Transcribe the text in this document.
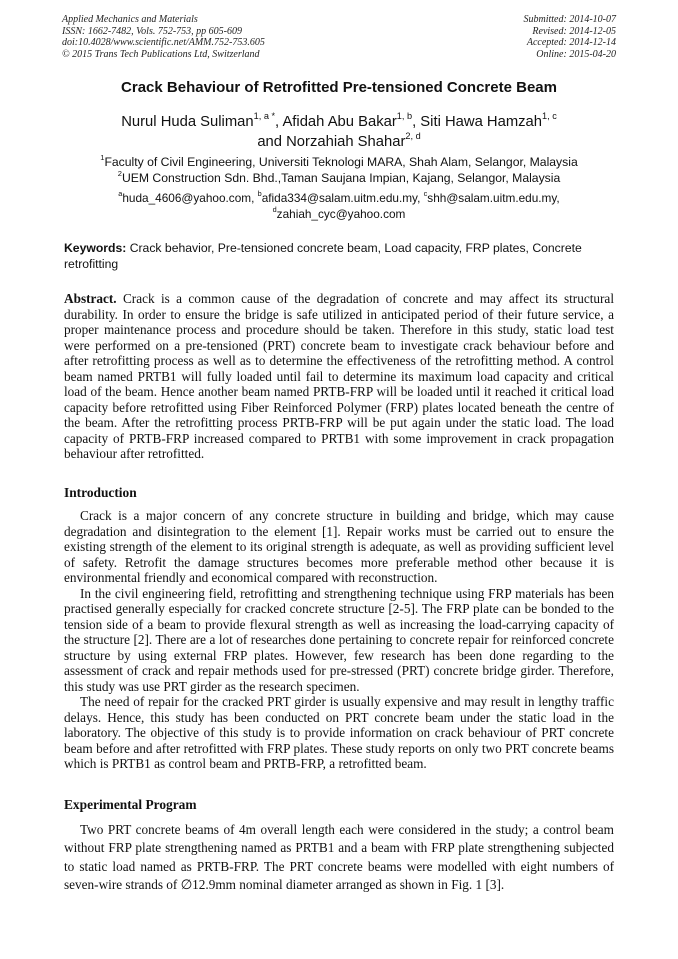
Applied Mechanics and Materials
ISSN: 1662-7482, Vols. 752-753, pp 605-609
doi:10.4028/www.scientific.net/AMM.752-753.605
© 2015 Trans Tech Publications Ltd, Switzerland
Submitted: 2014-10-07
Revised: 2014-12-05
Accepted: 2014-12-14
Online: 2015-04-20
Crack Behaviour of Retrofitted Pre-tensioned Concrete Beam
Nurul Huda Suliman$^{1, a *}$, Afidah Abu Bakar$^{1, b}$, Siti Hawa Hamzah$^{1, c}$
and Norzahiah Shahar$^{2, d}$
$^1$Faculty of Civil Engineering, Universiti Teknologi MARA, Shah Alam, Selangor, Malaysia
$^2$UEM Construction Sdn. Bhd.,Taman Saujana Impian, Kajang, Selangor, Malaysia
$^a$huda_4606@yahoo.com, $^b$afida334@salam.uitm.edu.my, $^c$shh@salam.uitm.edu.my,
$^d$zahiah_cyc@yahoo.com
Keywords: Crack behavior, Pre-tensioned concrete beam, Load capacity, FRP plates, Concrete retrofitting
Abstract. Crack is a common cause of the degradation of concrete and may affect its structural durability. In order to ensure the bridge is safe utilized in anticipated period of their future service, a proper maintenance process and procedure should be taken. Therefore in this study, static load test were performed on a pre-tensioned (PRT) concrete beam to investigate crack behaviour before and after retrofitting process as well as to determine the effectiveness of the retrofitting method. A control beam named PRTB1 will fully loaded until fail to determine its maximum load capacity and critical load of the beam. Hence another beam named PRTB-FRP will be loaded until it reached it critical load capacity before retrofitted using Fiber Reinforced Polymer (FRP) plates located beneath the centre of the beam. After the retrofitting process PRTB-FRP will be put again under the static load. The load capacity of PRTB-FRP increased compared to PRTB1 with some improvement in crack propagation behaviour after retrofitted.
Introduction

Crack is a major concern of any concrete structure in building and bridge, which may cause degradation and disintegration to the element [1]. Repair works must be carried out to ensure the existing strength of the element to its original strength is adequate, as well as providing sufficient level of safety. Retrofit the damage structures becomes more preferable method other because it is environmental friendly and economical compared with reconstruction.

In the civil engineering field, retrofitting and strengthening technique using FRP materials has been practised generally especially for cracked concrete structure [2-5]. The FRP plate can be bonded to the tension side of a beam to provide flexural strength as well as increasing the load-carrying capacity of the structure [2]. There are a lot of researches done pertaining to concrete repair for reinforced concrete structure by using external FRP plates. However, few research has been done regarding to the assessment of crack and repair methods used for pre-stressed (PRT) concrete bridge girder. Therefore, this study was use PRT girder as the research specimen.

The need of repair for the cracked PRT girder is usually expensive and may result in lengthy traffic delays. Hence, this study has been conducted on PRT concrete beam under the static load in the laboratory. The objective of this study is to provide information on crack behaviour of PRT concrete beam before and after retrofitted with FRP plates. These study reports on only two PRT concrete beams which is PRTB1 as control beam and PRTB-FRP, a retrofitted beam.

Experimental Program

Two PRT concrete beams of 4m overall length each were considered in the study; a control beam without FRP plate strengthening named as PRTB1 and a beam with FRP plate strengthening subjected to static load named as PRTB-FRP. The PRT concrete beams were modelled with eight numbers of seven-wire strands of ∅12.9mm nominal diameter arranged as shown in Fig. 1 [3].
